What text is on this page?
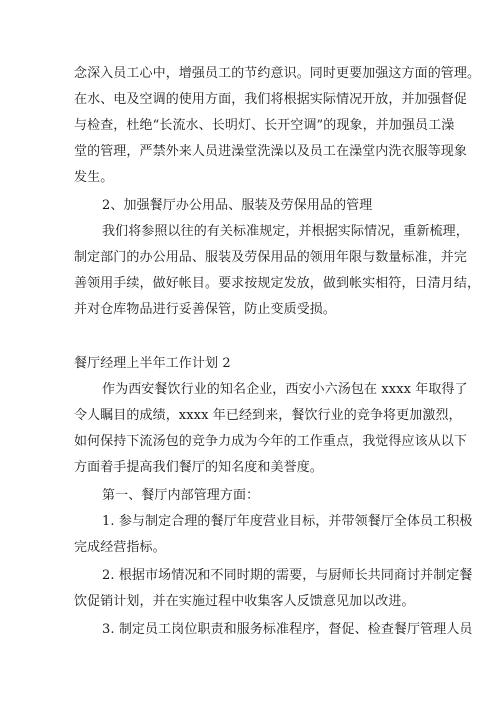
念深入员工心中，增强员工的节约意识。同时更要加强这方面的管理。
在水、电及空调的使用方面，我们将根据实际情况开放，并加强督促
与检查，杜绝“长流水、长明灯、长开空调”的现象，并加强员工澡
堂的管理，严禁外来人员进澡堂洗澡以及员工在澡堂内洗衣服等现象
发生。
2、加强餐厅办公用品、服装及劳保用品的管理
我们将参照以往的有关标准规定，并根据实际情况，重新梳理，
制定部门的办公用品、服装及劳保用品的领用年限与数量标准，并完
善领用手续，做好帐目。要求按规定发放，做到帐实相符，日清月结，
并对仓库物品进行妥善保管，防止变质受损。
餐厅经理上半年工作计划 2
作为西安餐饮行业的知名企业，西安小六汤包在 xxxx 年取得了
令人瞩目的成绩，xxxx 年已经到来，餐饮行业的竞争将更加激烈，
如何保持下流汤包的竞争力成为今年的工作重点，我觉得应该从以下
方面着手提高我们餐厅的知名度和美誉度。
第一、餐厅内部管理方面：
1. 参与制定合理的餐厅年度营业目标，并带领餐厅全体员工积极
完成经营指标。
2. 根据市场情况和不同时期的需要，与厨师长共同商讨并制定餐
饮促销计划，并在实施过程中收集客人反馈意见加以改进。
3. 制定员工岗位职责和服务标准程序，督促、检查餐厅管理人员
